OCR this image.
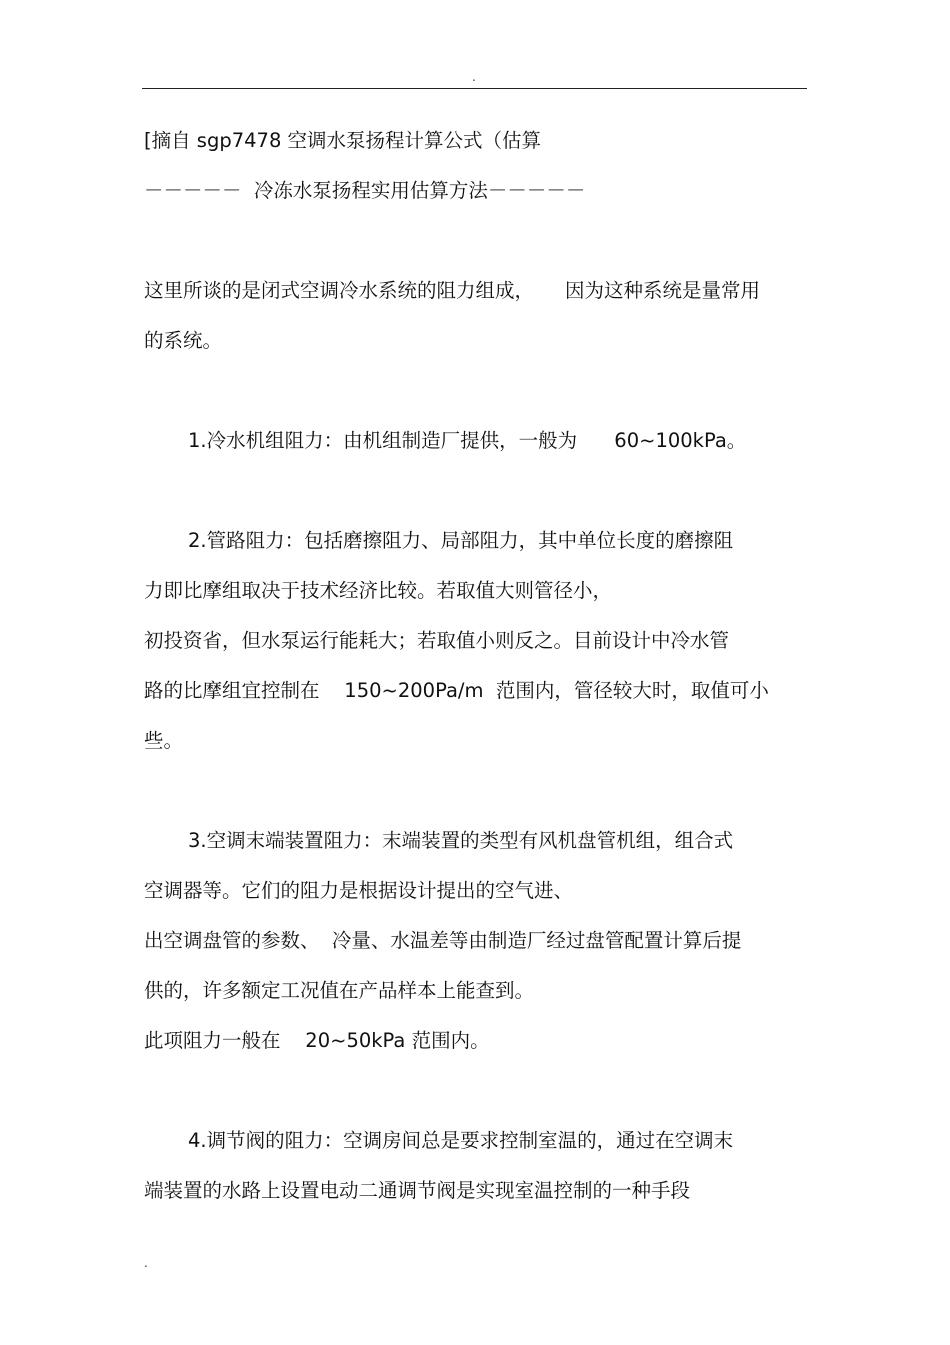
.
[摘自 sgp7478 空调水泵扬程计算公式（估算
－－－－－  冷冻水泵扬程实用估算方法－－－－－
这里所谈的是闭式空调冷水系统的阻力组成，     因为这种系统是量常用
的系统。
1.冷水机组阻力：由机组制造厂提供，一般为      60~100kPa。
2.管路阻力：包括磨擦阻力、局部阻力，其中单位长度的磨擦阻
力即比摩组取决于技术经济比较。若取值大则管径小，
初投资省，但水泵运行能耗大；若取值小则反之。目前设计中冷水管
路的比摩组宜控制在    150~200Pa/m  范围内，管径较大时，取值可小
些。
3.空调末端装置阻力：末端装置的类型有风机盘管机组，组合式
空调器等。它们的阻力是根据设计提出的空气进、
出空调盘管的参数、  冷量、水温差等由制造厂经过盘管配置计算后提
供的，许多额定工况值在产品样本上能查到。
此项阻力一般在    20~50kPa 范围内。
4.调节阀的阻力：空调房间总是要求控制室温的，通过在空调末
端装置的水路上设置电动二通调节阀是实现室温控制的一种手段
.
